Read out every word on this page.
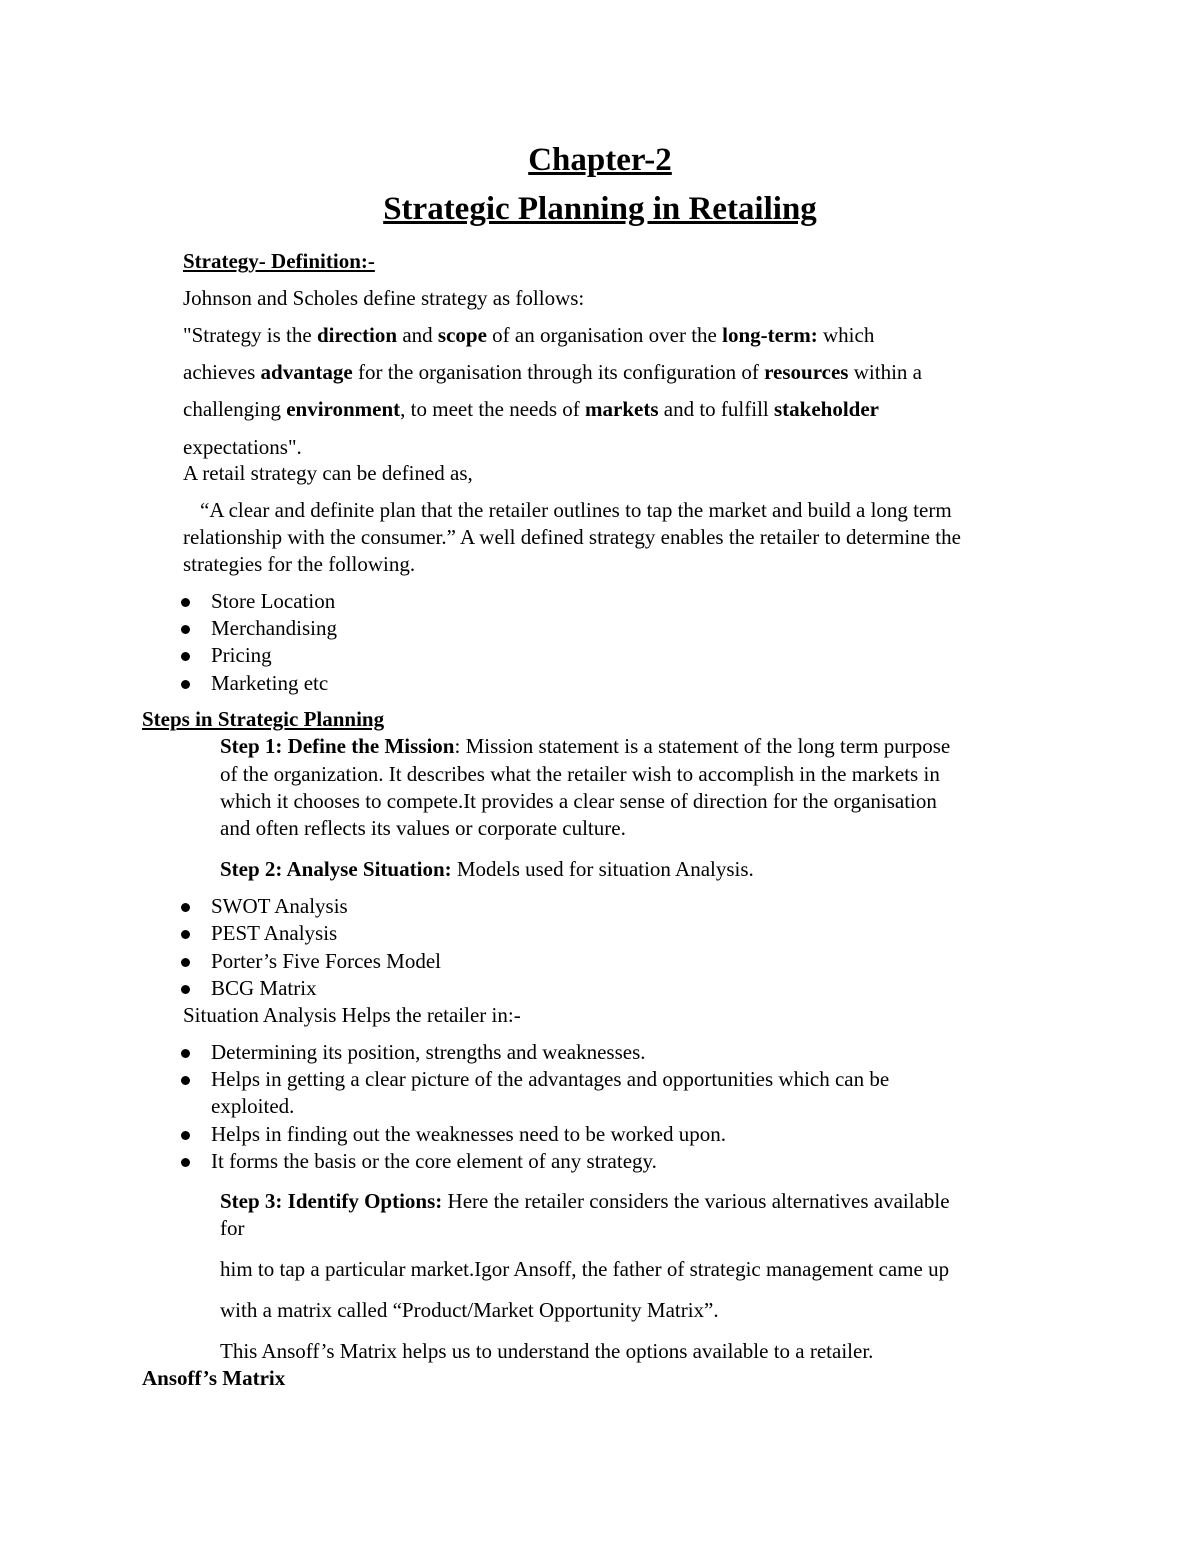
Chapter-2
Strategic Planning in Retailing
Strategy- Definition:-
Johnson and Scholes define strategy as follows:
"Strategy is the direction and scope of an organisation over the long-term: which
achieves advantage for the organisation through its configuration of resources within a
challenging environment, to meet the needs of markets and to fulfill stakeholder
expectations".
A retail strategy can be defined as,
“A clear and definite plan that the retailer outlines to tap the market and build a long term
relationship with the consumer.” A well defined strategy enables the retailer to determine the
strategies for the following.
Store Location
Merchandising
Pricing
Marketing etc
Steps in Strategic Planning
Step 1: Define the Mission: Mission statement is a statement of the long term purpose
of the organization. It describes what the retailer wish to accomplish in the markets in
which it chooses to compete.It provides a clear sense of direction for the organisation
and often reflects its values or corporate culture.
Step 2: Analyse Situation: Models used for situation Analysis.
SWOT Analysis
PEST Analysis
Porter’s Five Forces Model
BCG Matrix
Situation Analysis Helps the retailer in:-
Determining its position, strengths and weaknesses.
Helps in getting a clear picture of the advantages and opportunities which can be
exploited.
Helps in finding out the weaknesses need to be worked upon.
It forms the basis or the core element of any strategy.
Step 3: Identify Options: Here the retailer considers the various alternatives available
for
him to tap a particular market.Igor Ansoff, the father of strategic management came up
with a matrix called “Product/Market Opportunity Matrix”.
This Ansoff’s Matrix helps us to understand the options available to a retailer.
Ansoff’s Matrix
